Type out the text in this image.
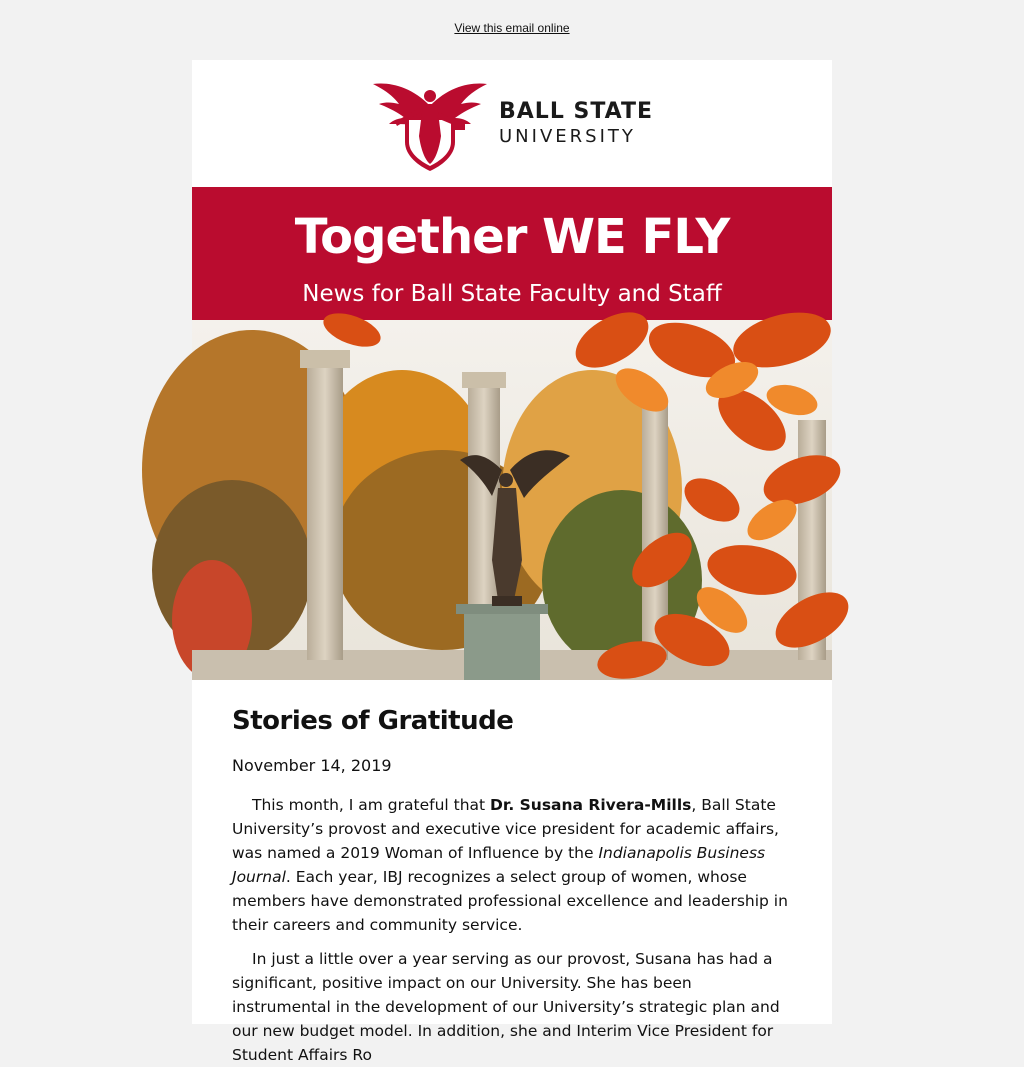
View this email online
BALL STATE
UNIVERSITY
Together WE FLY
News for Ball State Faculty and Staff
Stories of Gratitude
November 14, 2019

This month, I am grateful that Dr. Susana Rivera-Mills, Ball State University’s provost and executive vice president for academic affairs, was named a 2019 Woman of Influence by the Indianapolis Business Journal. Each year, IBJ recognizes a select group of women, whose members have demonstrated professional excellence and leadership in their careers and community service.

In just a little over a year serving as our provost, Susana has had a significant, positive impact on our University. She has been instrumental in the development of our University’s strategic plan and our new budget model. In addition, she and Interim Vice President for Student Affairs Ro
